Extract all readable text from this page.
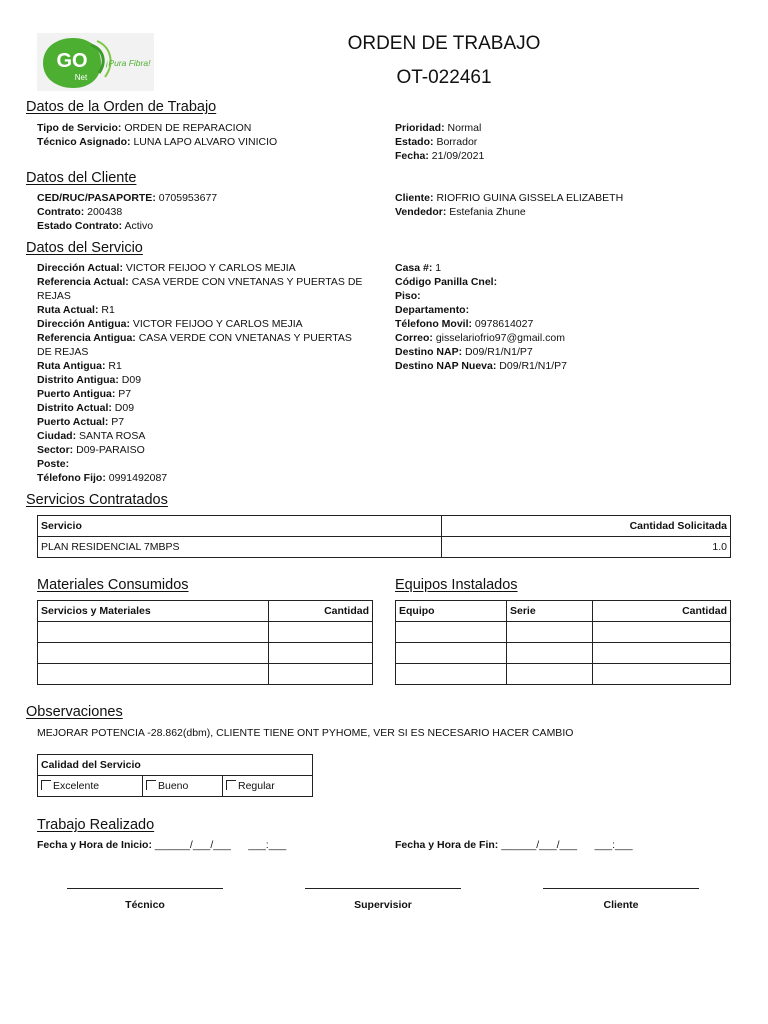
GO
Net
¡Pura Fibra!
ORDEN DE TRABAJO
OT-022461
Datos de la Orden de Trabajo
Tipo de Servicio: ORDEN DE REPARACION
Técnico Asignado: LUNA LAPO ALVARO VINICIO
Prioridad: Normal
Estado: Borrador
Fecha: 21/09/2021
Datos del Cliente
CED/RUC/PASAPORTE: 0705953677
Contrato: 200438
Estado Contrato: Activo
Cliente: RIOFRIO GUINA GISSELA ELIZABETH
Vendedor: Estefania Zhune
Datos del Servicio
Dirección Actual: VICTOR FEIJOO Y CARLOS MEJIA
Referencia Actual: CASA VERDE CON VNETANAS Y PUERTAS DE REJAS
Ruta Actual: R1
Dirección Antigua: VICTOR FEIJOO Y CARLOS MEJIA
Referencia Antigua: CASA VERDE CON VNETANAS Y PUERTAS DE REJAS
Ruta Antigua: R1
Distrito Antigua: D09
Puerto Antigua: P7
Distrito Actual: D09
Puerto Actual: P7
Ciudad: SANTA ROSA
Sector: D09-PARAISO
Poste:
Télefono Fijo: 0991492087
Casa #: 1
Código Panilla Cnel:
Piso:
Departamento:
Télefono Movil: 0978614027
Correo: gisselariofrio97@gmail.com
Destino NAP: D09/R1/N1/P7
Destino NAP Nueva: D09/R1/N1/P7
Servicios Contratados
Servicio	Cantidad Solicitada
PLAN RESIDENCIAL 7MBPS	1.0
Materiales Consumidos
Servicios y Materiales	Cantidad

Equipos Instalados
Equipo	Serie	Cantidad

Observaciones
MEJORAR POTENCIA -28.862(dbm), CLIENTE TIENE ONT PYHOME, VER SI ES NECESARIO HACER CAMBIO
Calidad del Servicio
Excelente	Bueno	Regular
Trabajo Realizado
Fecha y Hora de Inicio: ______/___/___      ___:___	Fecha y Hora de Fin: ______/___/___      ___:___
Técnico	Supervisior	Cliente
